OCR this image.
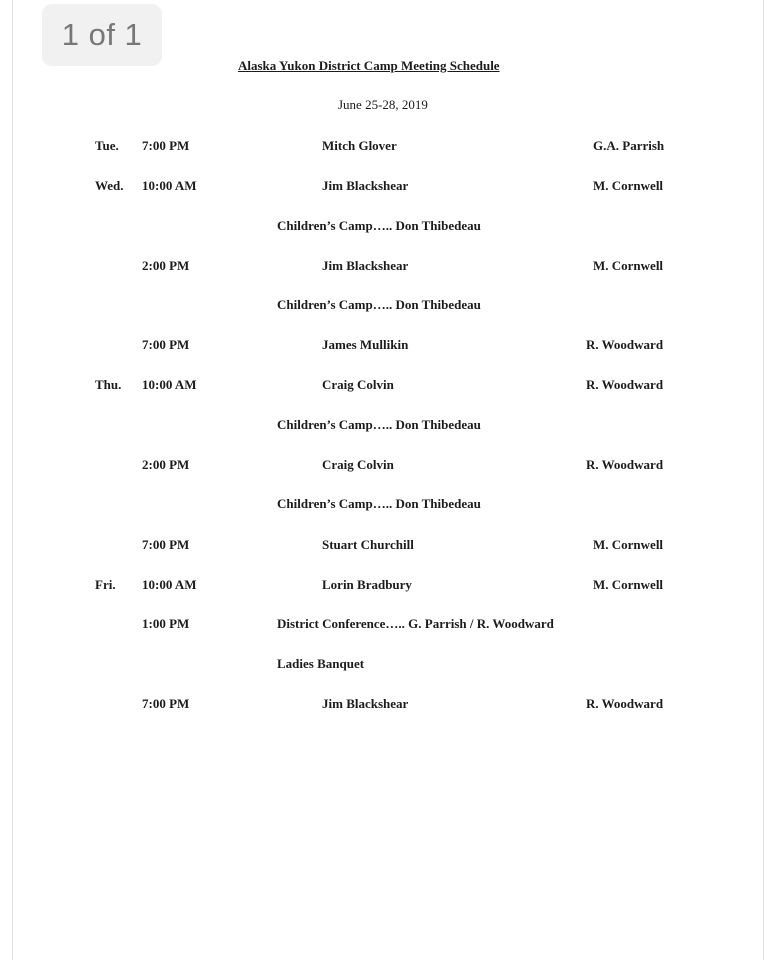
1 of 1
Alaska Yukon District Camp Meeting Schedule
June 25-28, 2019
Tue. 7:00 PM	Mitch Glover	G.A. Parrish
Wed. 10:00 AM	Jim Blackshear	M. Cornwell
Children’s Camp….. Don Thibedeau
2:00 PM	Jim Blackshear	M. Cornwell
Children’s Camp….. Don Thibedeau
7:00 PM	James Mullikin	R. Woodward
Thu. 10:00 AM	Craig Colvin	R. Woodward
Children’s Camp….. Don Thibedeau
2:00 PM	Craig Colvin	R. Woodward
Children’s Camp….. Don Thibedeau
7:00 PM	Stuart Churchill	M. Cornwell
Fri. 10:00 AM	Lorin Bradbury	M. Cornwell
1:00 PM	District Conference….. G. Parrish / R. Woodward
Ladies Banquet
7:00 PM	Jim Blackshear	R. Woodward
